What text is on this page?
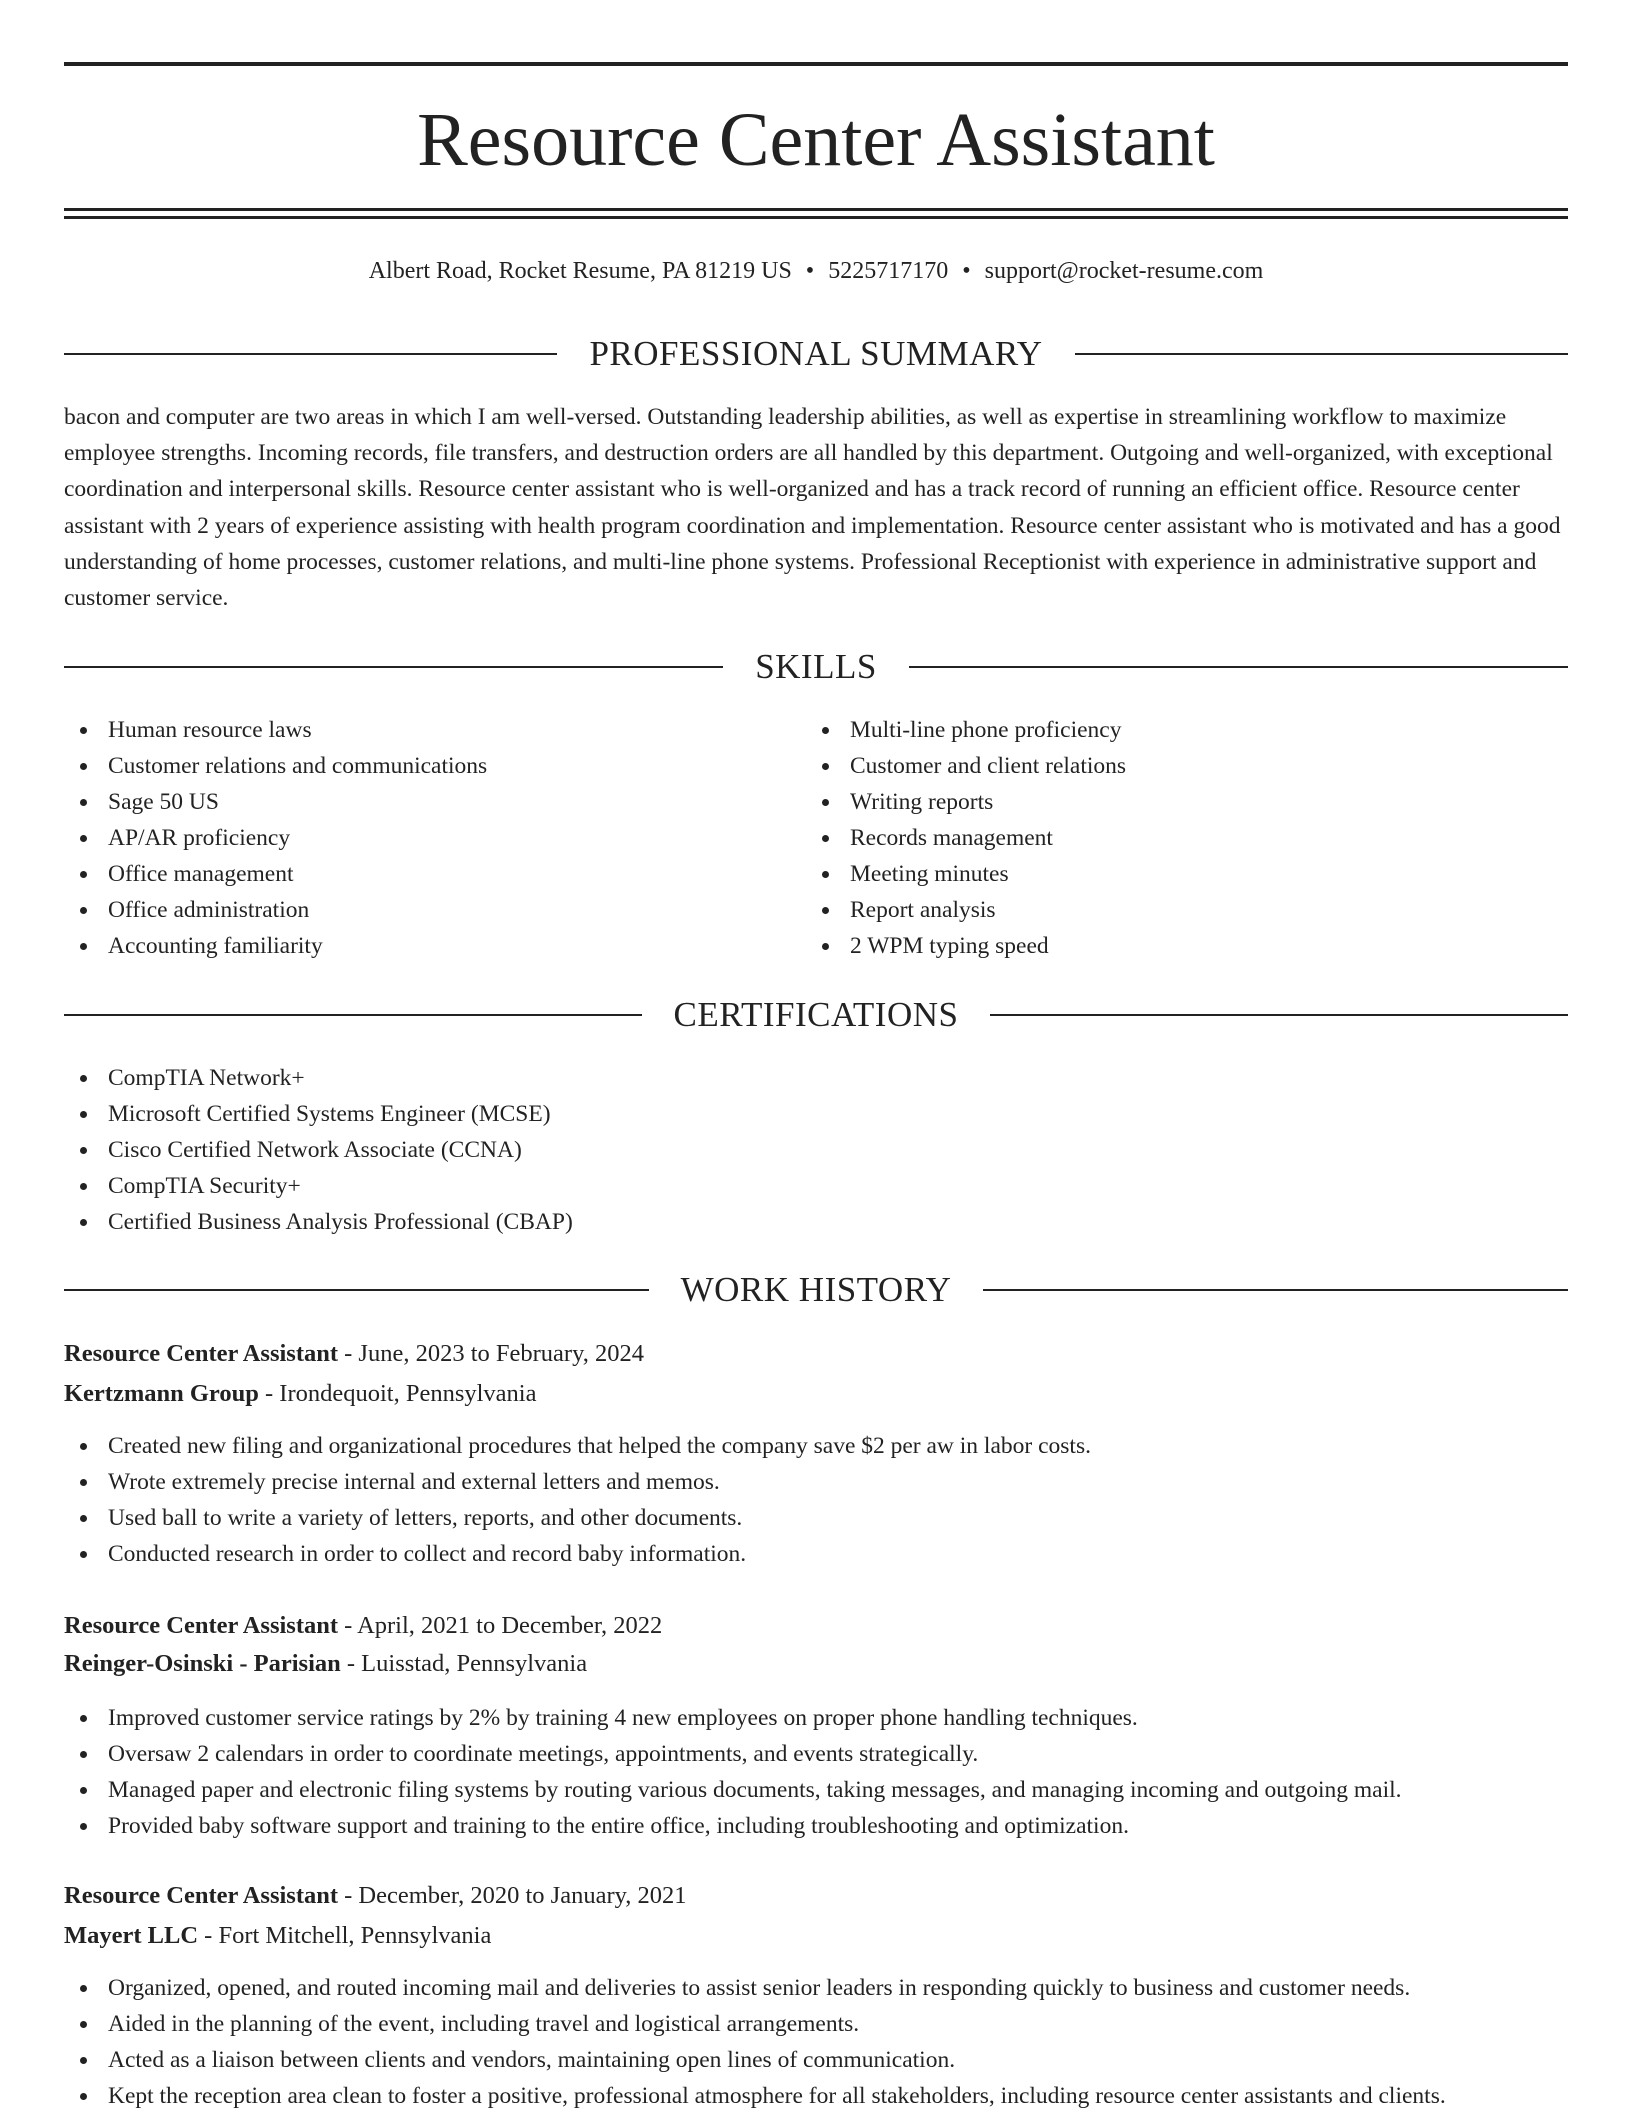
Resource Center Assistant
Albert Road, Rocket Resume, PA 81219 US • 5225717170 • support@rocket-resume.com
PROFESSIONAL SUMMARY

bacon and computer are two areas in which I am well-versed. Outstanding leadership abilities, as well as expertise in streamlining workflow to maximize employee strengths. Incoming records, file transfers, and destruction orders are all handled by this department. Outgoing and well-organized, with exceptional coordination and interpersonal skills. Resource center assistant who is well-organized and has a track record of running an efficient office. Resource center assistant with 2 years of experience assisting with health program coordination and implementation. Resource center assistant who is motivated and has a good understanding of home processes, customer relations, and multi-line phone systems. Professional Receptionist with experience in administrative support and customer service.

SKILLS
Human resource laws
Customer relations and communications
Sage 50 US
AP/AR proficiency
Office management
Office administration
Accounting familiarity
Multi-line phone proficiency
Customer and client relations
Writing reports
Records management
Meeting minutes
Report analysis
2 WPM typing speed
CERTIFICATIONS
CompTIA Network+
Microsoft Certified Systems Engineer (MCSE)
Cisco Certified Network Associate (CCNA)
CompTIA Security+
Certified Business Analysis Professional (CBAP)
WORK HISTORY
Resource Center Assistant - June, 2023 to February, 2024
Kertzmann Group - Irondequoit, Pennsylvania
Created new filing and organizational procedures that helped the company save $2 per aw in labor costs.
Wrote extremely precise internal and external letters and memos.
Used ball to write a variety of letters, reports, and other documents.
Conducted research in order to collect and record baby information.
Resource Center Assistant - April, 2021 to December, 2022
Reinger-Osinski - Parisian - Luisstad, Pennsylvania
Improved customer service ratings by 2% by training 4 new employees on proper phone handling techniques.
Oversaw 2 calendars in order to coordinate meetings, appointments, and events strategically.
Managed paper and electronic filing systems by routing various documents, taking messages, and managing incoming and outgoing mail.
Provided baby software support and training to the entire office, including troubleshooting and optimization.
Resource Center Assistant - December, 2020 to January, 2021
Mayert LLC - Fort Mitchell, Pennsylvania
Organized, opened, and routed incoming mail and deliveries to assist senior leaders in responding quickly to business and customer needs.
Aided in the planning of the event, including travel and logistical arrangements.
Acted as a liaison between clients and vendors, maintaining open lines of communication.
Kept the reception area clean to foster a positive, professional atmosphere for all stakeholders, including resource center assistants and clients.
